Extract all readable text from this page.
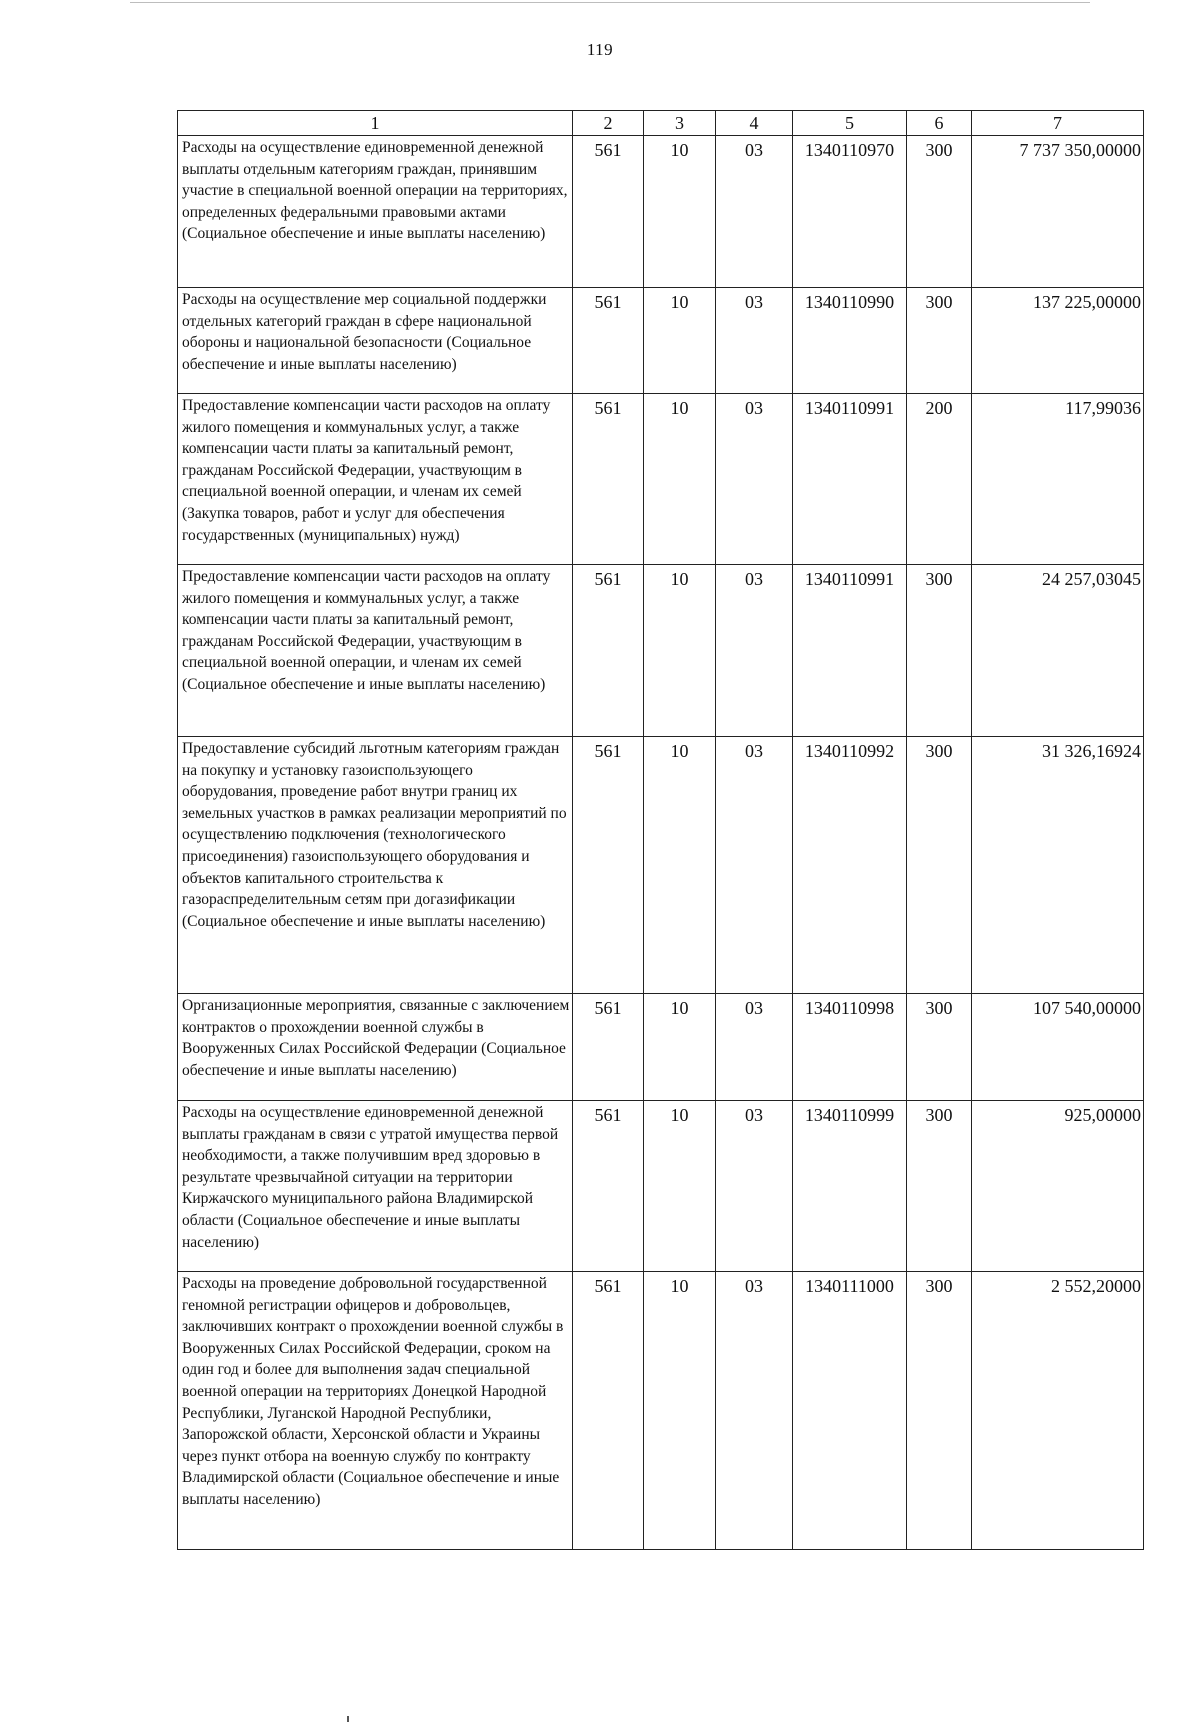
119
1	2	3	4	5	6	7
Расходы на осуществление единовременной денежной выплаты отдельным категориям граждан, принявшим участие в специальной военной операции на территориях, определенных федеральными правовыми актами (Социальное обеспечение и иные выплаты населению)	561	10	03	1340110970	300	7 737 350,00000
Расходы на осуществление мер социальной поддержки отдельных категорий граждан в сфере национальной обороны и национальной безопасности (Социальное обеспечение и иные выплаты населению)	561	10	03	1340110990	300	137 225,00000
Предоставление компенсации части расходов на оплату жилого помещения и коммунальных услуг, а также компенсации части платы за капитальный ремонт, гражданам Российской Федерации, участвующим в специальной военной операции, и членам их семей (Закупка товаров, работ и услуг для обеспечения государственных (муниципальных) нужд)	561	10	03	1340110991	200	117,99036
Предоставление компенсации части расходов на оплату жилого помещения и коммунальных услуг, а также компенсации части платы за капитальный ремонт, гражданам Российской Федерации, участвующим в специальной военной операции, и членам их семей (Социальное обеспечение и иные выплаты населению)	561	10	03	1340110991	300	24 257,03045
Предоставление субсидий льготным категориям граждан на покупку и установку газоиспользующего оборудования, проведение работ внутри границ их земельных участков в рамках реализации мероприятий по осуществлению подключения (технологического присоединения) газоиспользующего оборудования и объектов капитального строительства к газораспределительным сетям при догазификации (Социальное обеспечение и иные выплаты населению)	561	10	03	1340110992	300	31 326,16924
Организационные мероприятия, связанные с заключением контрактов о прохождении военной службы в Вооруженных Силах Российской Федерации (Социальное обеспечение и иные выплаты населению)	561	10	03	1340110998	300	107 540,00000
Расходы на осуществление единовременной денежной выплаты гражданам в связи с утратой имущества первой необходимости, а также получившим вред здоровью в результате чрезвычайной ситуации на территории Киржачского муниципального района Владимирской области (Социальное обеспечение и иные выплаты населению)	561	10	03	1340110999	300	925,00000
Расходы на проведение добровольной государственной геномной регистрации офицеров и добровольцев, заключивших контракт о прохождении военной службы в Вооруженных Силах Российской Федерации, сроком на один год и более для выполнения задач специальной военной операции на территориях Донецкой Народной Республики, Луганской Народной Республики, Запорожской области, Херсонской области и Украины через пункт отбора на военную службу по контракту Владимирской области (Социальное обеспечение и иные выплаты населению)	561	10	03	1340111000	300	2 552,20000
